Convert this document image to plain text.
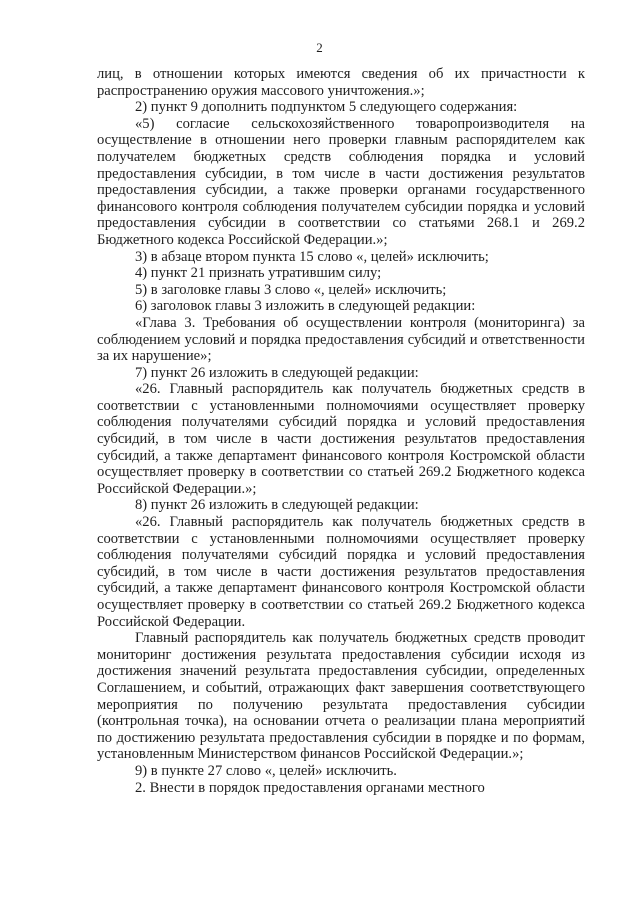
2

лиц, в отношении которых имеются сведения об их причастности к распространению оружия массового уничтожения.»;

2) пункт 9 дополнить подпунктом 5 следующего содержания:

«5) согласие сельскохозяйственного товаропроизводителя на осуществление в отношении него проверки главным распорядителем как получателем бюджетных средств соблюдения порядка и условий предоставления субсидии, в том числе в части достижения результатов предоставления субсидии, а также проверки органами государственного финансового контроля соблюдения получателем субсидии порядка и условий предоставления субсидии в соответствии со статьями 268.1 и 269.2 Бюджетного кодекса Российской Федерации.»;

3) в абзаце втором пункта 15 слово «, целей» исключить;

4) пункт 21 признать утратившим силу;

5) в заголовке главы 3 слово «, целей» исключить;

6) заголовок главы 3 изложить в следующей редакции:

«Глава 3. Требования об осуществлении контроля (мониторинга) за соблюдением условий и порядка предоставления субсидий и ответственности за их нарушение»;

7) пункт 26 изложить в следующей редакции:

«26. Главный распорядитель как получатель бюджетных средств в соответствии с установленными полномочиями осуществляет проверку соблюдения получателями субсидий порядка и условий предоставления субсидий, в том числе в части достижения результатов предоставления субсидий, а также департамент финансового контроля Костромской области осуществляет проверку в соответствии со статьей 269.2 Бюджетного кодекса Российской Федерации.»;

8) пункт 26 изложить в следующей редакции:

«26. Главный распорядитель как получатель бюджетных средств в соответствии с установленными полномочиями осуществляет проверку соблюдения получателями субсидий порядка и условий предоставления субсидий, в том числе в части достижения результатов предоставления субсидий, а также департамент финансового контроля Костромской области осуществляет проверку в соответствии со статьей 269.2 Бюджетного кодекса Российской Федерации.

Главный распорядитель как получатель бюджетных средств проводит мониторинг достижения результата предоставления субсидии исходя из достижения значений результата предоставления субсидии, определенных Соглашением, и событий, отражающих факт завершения соответствующего мероприятия по получению результата предоставления субсидии (контрольная точка), на основании отчета о реализации плана мероприятий по достижению результата предоставления субсидии в порядке и по формам, установленным Министерством финансов Российской Федерации.»;

9) в пункте 27 слово «, целей» исключить.

2. Внести в порядок предоставления органами местного
